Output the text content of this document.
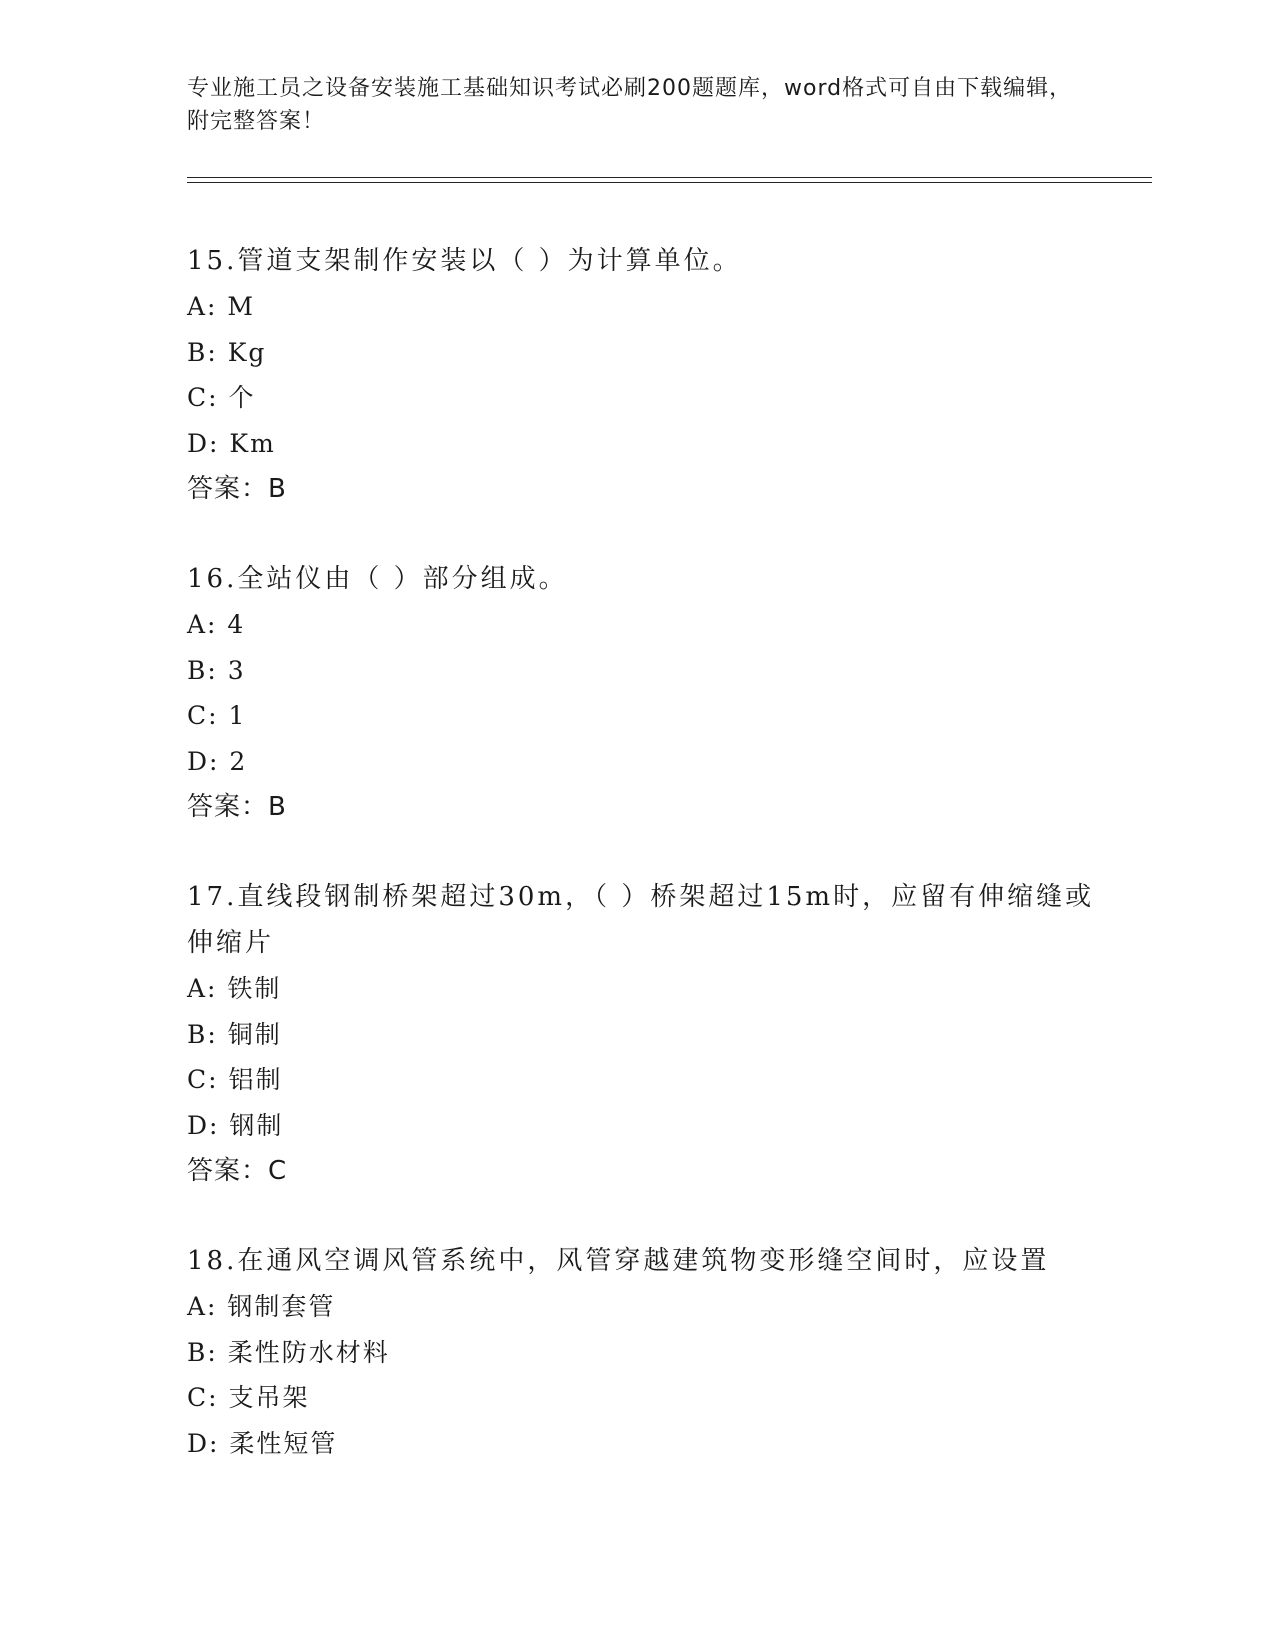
专业施工员之设备安装施工基础知识考试必刷200题题库，word格式可自由下载编辑，附完整答案！

15.管道支架制作安装以（ ）为计算单位。

A: M

B: Kg

C: 个

D: Km

答案：B

16.全站仪由（ ）部分组成。

A: 4

B: 3

C: 1

D: 2

答案：B

17.直线段钢制桥架超过30m，（ ）桥架超过15m时，应留有伸缩缝或伸缩片

A: 铁制

B: 铜制

C: 铝制

D: 钢制

答案：C

18.在通风空调风管系统中，风管穿越建筑物变形缝空间时，应设置

A: 钢制套管

B: 柔性防水材料

C: 支吊架

D: 柔性短管
